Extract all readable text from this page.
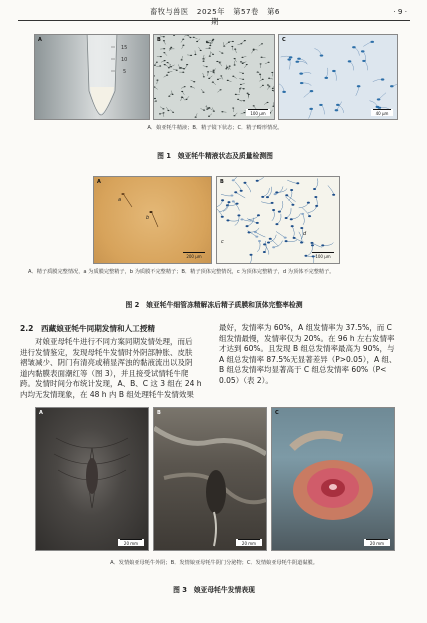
畜牧与兽医 2025年 第57卷 第6期
· 9 ·
A
15
10
5
B
100 μm
C
40 μm
A．娘亚牦牛精液；B．精子镜下状态；C．精子畸形情况。
图 1　娘亚牦牛精液状态及质量检测图
A
a
b
200 μm
B
c
d
100 μm
A．精子质膜完整情况，a 为质膜完整精子，b 为质膜不完整精子；B．精子顶体完整情况，c 为顶体完整精子，d 为顶体不完整精子。
图 2　娘亚牦牛细管冻精解冻后精子质膜和顶体完整率检测
2.2　西藏娘亚牦牛同期发情和人工授精
　　对娘亚母牦牛进行不同方案同期发情处理，而后
进行发情鉴定，发现母牦牛发情时外阴部肿胀、皮肤
褶皱减少、阴门有清亮或稍显浑浊的黏液流出以及阴
道内黏膜表面潮红等（图 3），并且接受试情牦牛爬
跨。发情时间分布统计发现，A、B、C 这 3 组在 24 h
内均无发情现象，在 48 h 内 B 组处理牦牛发情效果
最好，发情率为 60%，A 组发情率为 37.5%，而 C
组发情最慢，发情率仅为 20%。在 96 h 左右发情率
才达到 60%。且发现 B 组总发情率最高为 90%，与
A 组总发情率 87.5%无显著差异（P>0.05），A 组、
B 组总发情率均显著高于 C 组总发情率 60%（P<
0.05）（表 2）。
A
20 mm
B
20 mm
C
20 mm
A．发情娘亚母牦牛外阴；B．发情娘亚母牦牛阴门分泌物；C．发情娘亚母牦牛阴道黏膜。
图 3　娘亚母牦牛发情表现
